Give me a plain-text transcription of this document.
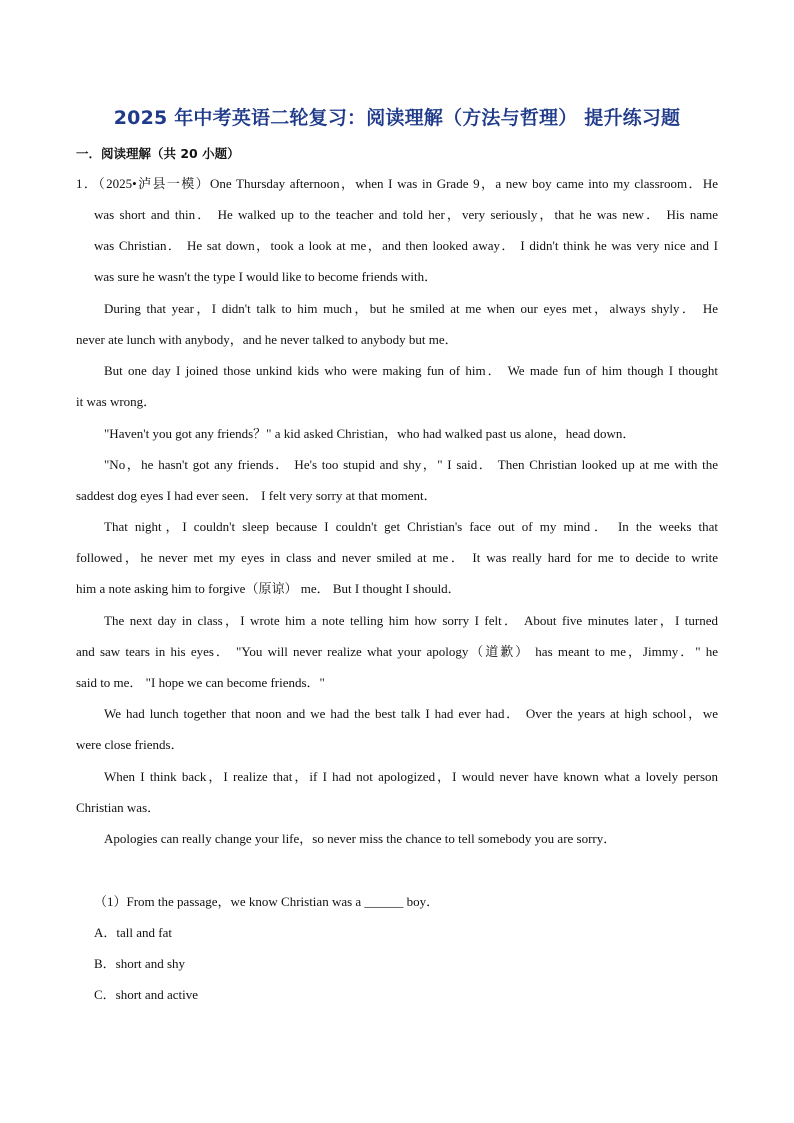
2025 年中考英语二轮复习：阅读理解（方法与哲理） 提升练习题
一．阅读理解（共 20 小题）
1．（2025•泸县一模）One Thursday afternoon，when I was in Grade 9，a new boy came into my classroom．He
was short and thin． He walked up to the teacher and told her，very seriously，that he was new． His name
was Christian． He sat down，took a look at me，and then looked away． I didn't think he was very nice and I
was sure he wasn't the type I would like to become friends with．
During that year，I didn't talk to him much，but he smiled at me when our eyes met，always shyly． He
never ate lunch with anybody，and he never talked to anybody but me．
But one day I joined those unkind kids who were making fun of him． We made fun of him though I thought
it was wrong．
"Haven't you got any friends？" a kid asked Christian，who had walked past us alone，head down．
"No，he hasn't got any friends． He's too stupid and shy，" I said． Then Christian looked up at me with the
saddest dog eyes I had ever seen． I felt very sorry at that moment．
That night，I couldn't sleep because I couldn't get Christian's face out of my mind． In the weeks that
followed，he never met my eyes in class and never smiled at me． It was really hard for me to decide to write
him a note asking him to forgive（原谅） me． But I thought I should．
The next day in class，I wrote him a note telling him how sorry I felt． About five minutes later，I turned
and saw tears in his eyes． "You will never realize what your apology（道歉） has meant to me，Jimmy．" he
said to me． "I hope we can become friends．"
We had lunch together that noon and we had the best talk I had ever had． Over the years at high school，we
were close friends．
When I think back，I realize that，if I had not apologized，I would never have known what a lovely person
Christian was．
Apologies can really change your life，so never miss the chance to tell somebody you are sorry．
（1）From the passage，we know Christian was a ______ boy．
A．tall and fat
B．short and shy
C．short and active
